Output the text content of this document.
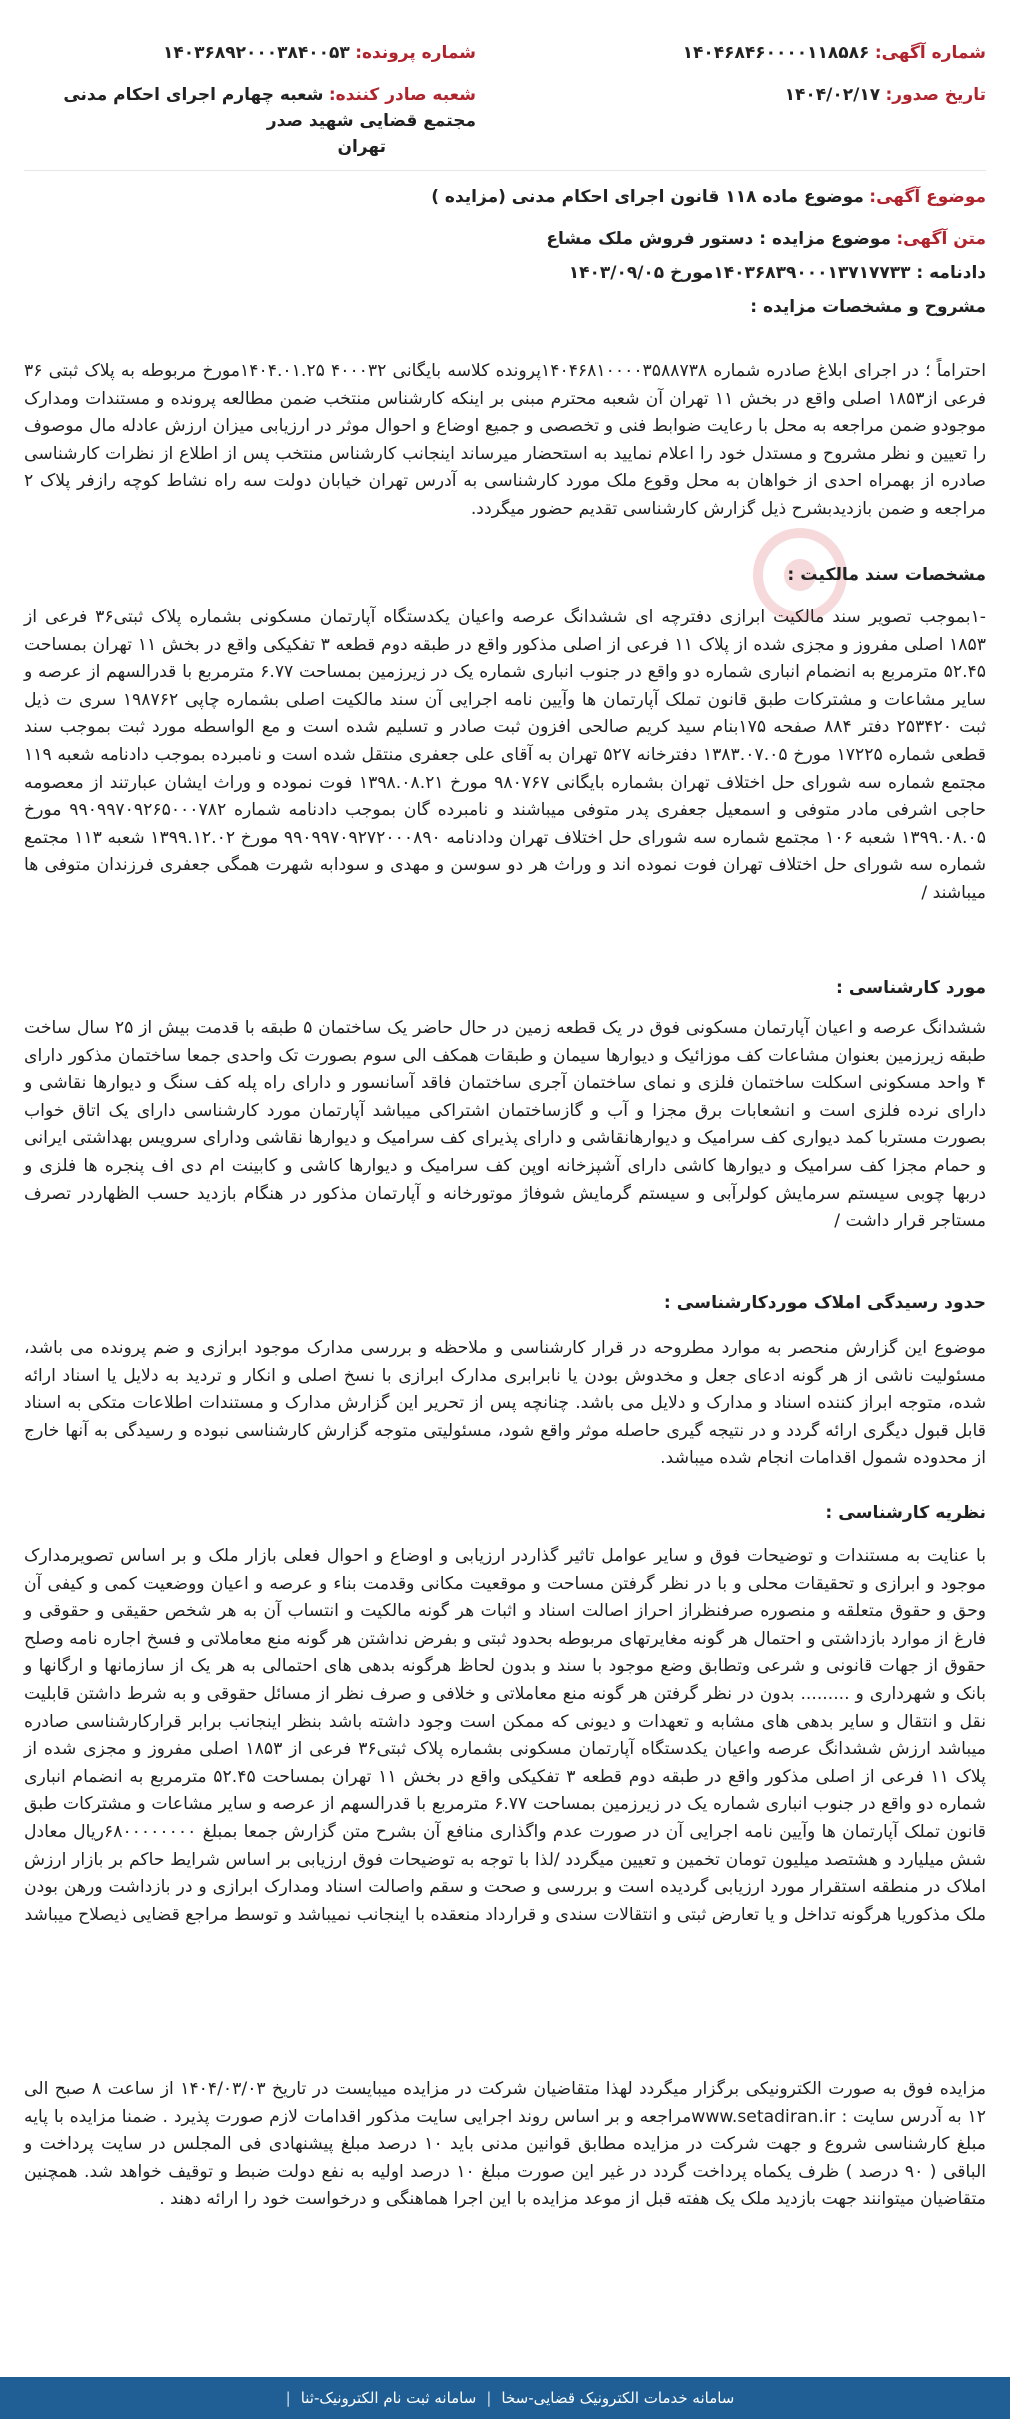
شماره آگهی: ۱۴۰۴۶۸۴۶۰۰۰۰۱۱۸۵۸۶
شماره پرونده: ۱۴۰۳۶۸۹۲۰۰۰۳۸۴۰۰۵۳
تاریخ صدور: ۱۴۰۴/۰۲/۱۷
شعبه صادر کننده: شعبه چهارم اجرای احکام مدنی مجتمع قضایی شهید صدر
تهران
موضوع آگهی: موضوع ماده ۱۱۸ قانون اجرای احکام مدنی (مزایده )
متن آگهی: موضوع مزایده : دستور فروش ملک مشاع
دادنامه : ۱۴۰۳۶۸۳۹۰۰۰۱۳۷۱۷۷۳۳مورخ ۱۴۰۳/۰۹/۰۵
مشروح و مشخصات مزایده :
احتراماً ؛ در اجرای ابلاغ صادره شماره ۱۴۰۴۶۸۱۰۰۰۰۳۵۸۸۷۳۸پرونده کلاسه بایگانی ۴۰۰۰۳۲ ۱۴۰۴.۰۱.۲۵مورخ مربوطه به پلاک ثبتی ۳۶ فرعی از۱۸۵۳ اصلی واقع در بخش ۱۱ تهران آن شعبه محترم مبنی بر اینکه کارشناس منتخب ضمن مطالعه پرونده و مستندات ومدارک موجودو ضمن مراجعه به محل با رعایت ضوابط فنی و تخصصی و جمیع اوضاع و احوال موثر در ارزیابی میزان ارزش عادله مال موصوف را تعیین و نظر مشروح و مستدل خود را اعلام نمایید به استحضار میرساند اینجانب کارشناس منتخب پس از اطلاع از نظرات کارشناسی صادره از بهمراه احدی از خواهان به محل وقوع ملک مورد کارشناسی به آدرس تهران خیابان دولت سه راه نشاط کوچه رازفر پلاک ۲ مراجعه و ضمن بازدیدبشرح ذیل گزارش کارشناسی تقدیم حضور میگردد.
مشخصات سند مالکیت :
-۱بموجب تصویر سند مالکیت ابرازی دفترچه ای ششدانگ عرصه واعیان یکدستگاه آپارتمان مسکونی بشماره پلاک ثبتی۳۶ فرعی از ۱۸۵۳ اصلی مفروز و مجزی شده از پلاک ۱۱ فرعی از اصلی مذکور واقع در طبقه دوم قطعه ۳ تفکیکی واقع در بخش ۱۱ تهران بمساحت ۵۲.۴۵ مترمربع به انضمام انباری شماره دو واقع در جنوب انباری شماره یک در زیرزمین بمساحت ۶.۷۷ مترمربع با قدرالسهم از عرصه و سایر مشاعات و مشترکات طبق قانون تملک آپارتمان ها وآیین نامه اجرایی آن سند مالکیت اصلی بشماره چاپی ۱۹۸۷۶۲ سری ت ذیل ثبت ۲۵۳۴۲۰ دفتر ۸۸۴ صفحه ۱۷۵بنام سید کریم صالحی افزون ثبت صادر و تسلیم شده است و مع الواسطه مورد ثبت بموجب سند قطعی شماره ۱۷۲۲۵ مورخ ۱۳۸۳.۰۷.۰۵ دفترخانه ۵۲۷ تهران به آقای علی جعفری منتقل شده است و نامبرده بموجب دادنامه شعبه ۱۱۹ مجتمع شماره سه شورای حل اختلاف تهران بشماره بایگانی ۹۸۰۷۶۷ مورخ ۱۳۹۸.۰۸.۲۱ فوت نموده و وراث ایشان عبارتند از معصومه حاجی اشرفی مادر متوفی و اسمعیل جعفری پدر متوفی میباشند و نامبرده گان بموجب دادنامه شماره ۹۹۰۹۹۷۰۹۲۶۵۰۰۰۷۸۲ مورخ ۱۳۹۹.۰۸.۰۵ شعبه ۱۰۶ مجتمع شماره سه شورای حل اختلاف تهران ودادنامه ۹۹۰۹۹۷۰۹۲۷۲۰۰۰۸۹۰ مورخ ۱۳۹۹.۱۲.۰۲ شعبه ۱۱۳ مجتمع شماره سه شورای حل اختلاف تهران فوت نموده اند و وراث هر دو سوسن و مهدی و سودابه شهرت همگی جعفری فرزندان متوفی ها میباشند /
مورد کارشناسی :
ششدانگ عرصه و اعیان آپارتمان مسکونی فوق در یک قطعه زمین در حال حاضر یک ساختمان ۵ طبقه با قدمت بیش از ۲۵ سال ساخت طبقه زیرزمین بعنوان مشاعات کف موزائیک و دیوارها سیمان و طبقات همکف الی سوم بصورت تک واحدی جمعا ساختمان مذکور دارای ۴ واحد مسکونی اسکلت ساختمان فلزی و نمای ساختمان آجری ساختمان فاقد آسانسور و دارای راه پله کف سنگ و دیوارها نقاشی و دارای نرده فلزی است و انشعابات برق مجزا و آب و گازساختمان اشتراکی میباشد آپارتمان مورد کارشناسی دارای یک اتاق خواب بصورت مستربا کمد دیواری کف سرامیک و دیوارهانقاشی و دارای پذیرای کف سرامیک و دیوارها نقاشی ودارای سرویس بهداشتی ایرانی و حمام مجزا کف سرامیک و دیوارها کاشی دارای آشپزخانه اوپن کف سرامیک و دیوارها کاشی و کابینت ام دی اف پنجره ها فلزی و دربها چوبی سیستم سرمایش کولرآبی و سیستم گرمایش شوفاژ موتورخانه و آپارتمان مذکور در هنگام بازدید حسب الظهاردر تصرف مستاجر قرار داشت /
حدود رسیدگی املاک موردکارشناسی :
موضوع این گزارش منحصر به موارد مطروحه در قرار کارشناسی و ملاحظه و بررسی مدارک موجود ابرازی و ضم پرونده می باشد، مسئولیت ناشی از هر گونه ادعای جعل و مخدوش بودن یا نابرابری مدارک ابرازی با نسخ اصلی و انکار و تردید به دلایل یا اسناد ارائه شده، متوجه ابراز کننده اسناد و مدارک و دلایل می باشد. چنانچه پس از تحریر این گزارش مدارک و مستندات اطلاعات متکی به اسناد قابل قبول دیگری ارائه گردد و در نتیجه گیری حاصله موثر واقع شود، مسئولیتی متوجه گزارش کارشناسی نبوده و رسیدگی به آنها خارج از محدوده شمول اقدامات انجام شده میباشد.
نظریه کارشناسی :
با عنایت به مستندات و توضیحات فوق و سایر عوامل تاثیر گذاردر ارزیابی و اوضاع و احوال فعلی بازار ملک و بر اساس تصویرمدارک موجود و ابرازی و تحقیقات محلی و با در نظر گرفتن مساحت و موقعیت مکانی وقدمت بناء و عرصه و اعیان ووضعیت کمی و کیفی آن وحق و حقوق متعلقه و منصوره صرفنظراز احراز اصالت اسناد و اثبات هر گونه مالکیت و انتساب آن به هر شخص حقیقی و حقوقی و فارغ از موارد بازداشتی و احتمال هر گونه مغایرتهای مربوطه بحدود ثبتی و بفرض نداشتن هر گونه منع معاملاتی و فسخ اجاره نامه وصلح حقوق از جهات قانونی و شرعی وتطابق وضع موجود با سند و بدون لحاظ هرگونه بدهی های احتمالی به هر یک از سازمانها و ارگانها و بانک و شهرداری و ......... بدون در نظر گرفتن هر گونه منع معاملاتی و خلافی و صرف نظر از مسائل حقوقی و به شرط داشتن قابلیت نقل و انتقال و سایر بدهی های مشابه و تعهدات و دیونی که ممکن است وجود داشته باشد بنظر اینجانب برابر قرارکارشناسی صادره میباشد ارزش ششدانگ عرصه واعیان یکدستگاه آپارتمان مسکونی بشماره پلاک ثبتی۳۶ فرعی از ۱۸۵۳ اصلی مفروز و مجزی شده از پلاک ۱۱ فرعی از اصلی مذکور واقع در طبقه دوم قطعه ۳ تفکیکی واقع در بخش ۱۱ تهران بمساحت ۵۲.۴۵ مترمربع به انضمام انباری شماره دو واقع در جنوب انباری شماره یک در زیرزمین بمساحت ۶.۷۷ مترمربع با قدرالسهم از عرصه و سایر مشاعات و مشترکات طبق قانون تملک آپارتمان ها وآیین نامه اجرایی آن در صورت عدم واگذاری منافع آن بشرح متن گزارش جمعا بمبلغ ۶۸۰۰۰۰۰۰۰۰ریال معادل شش میلیارد و هشتصد میلیون تومان تخمین و تعیین میگردد /لذا با توجه به توضیحات فوق ارزیابی بر اساس شرایط حاکم بر بازار ارزش املاک در منطقه استقرار مورد ارزیابی گردیده است و بررسی و صحت و سقم واصالت اسناد ومدارک ابرازی و در بازداشت ورهن بودن ملک مذکوریا هرگونه تداخل و یا تعارض ثبتی و انتقالات سندی و قرارداد منعقده با اینجانب نمیباشد و توسط مراجع قضایی ذیصلاح میباشد
مزایده فوق به صورت الکترونیکی برگزار میگردد لهذا متقاضیان شرکت در مزایده میبایست در تاریخ ۱۴۰۴/۰۳/۰۳ از ساعت ۸ صبح الی ۱۲ به آدرس سایت : www.setadiran.irمراجعه و بر اساس روند اجرایی سایت مذکور اقدامات لازم صورت پذیرد . ضمنا مزایده با پایه مبلغ کارشناسی شروع و جهت شرکت در مزایده مطابق قوانین مدنی باید ۱۰ درصد مبلغ پیشنهادی فی المجلس در سایت پرداخت و الباقی ( ۹۰ درصد ) ظرف یکماه پرداخت گردد در غیر این صورت مبلغ ۱۰ درصد اولیه به نفع دولت ضبط و توقیف خواهد شد. همچنین متقاضیان میتوانند جهت بازدید ملک یک هفته قبل از موعد مزایده با این اجرا هماهنگی و درخواست خود را ارائه دهند .
سامانه خدمات الکترونیک قضایی-سخا
|
سامانه ثبت نام الکترونیک-ثنا
|
